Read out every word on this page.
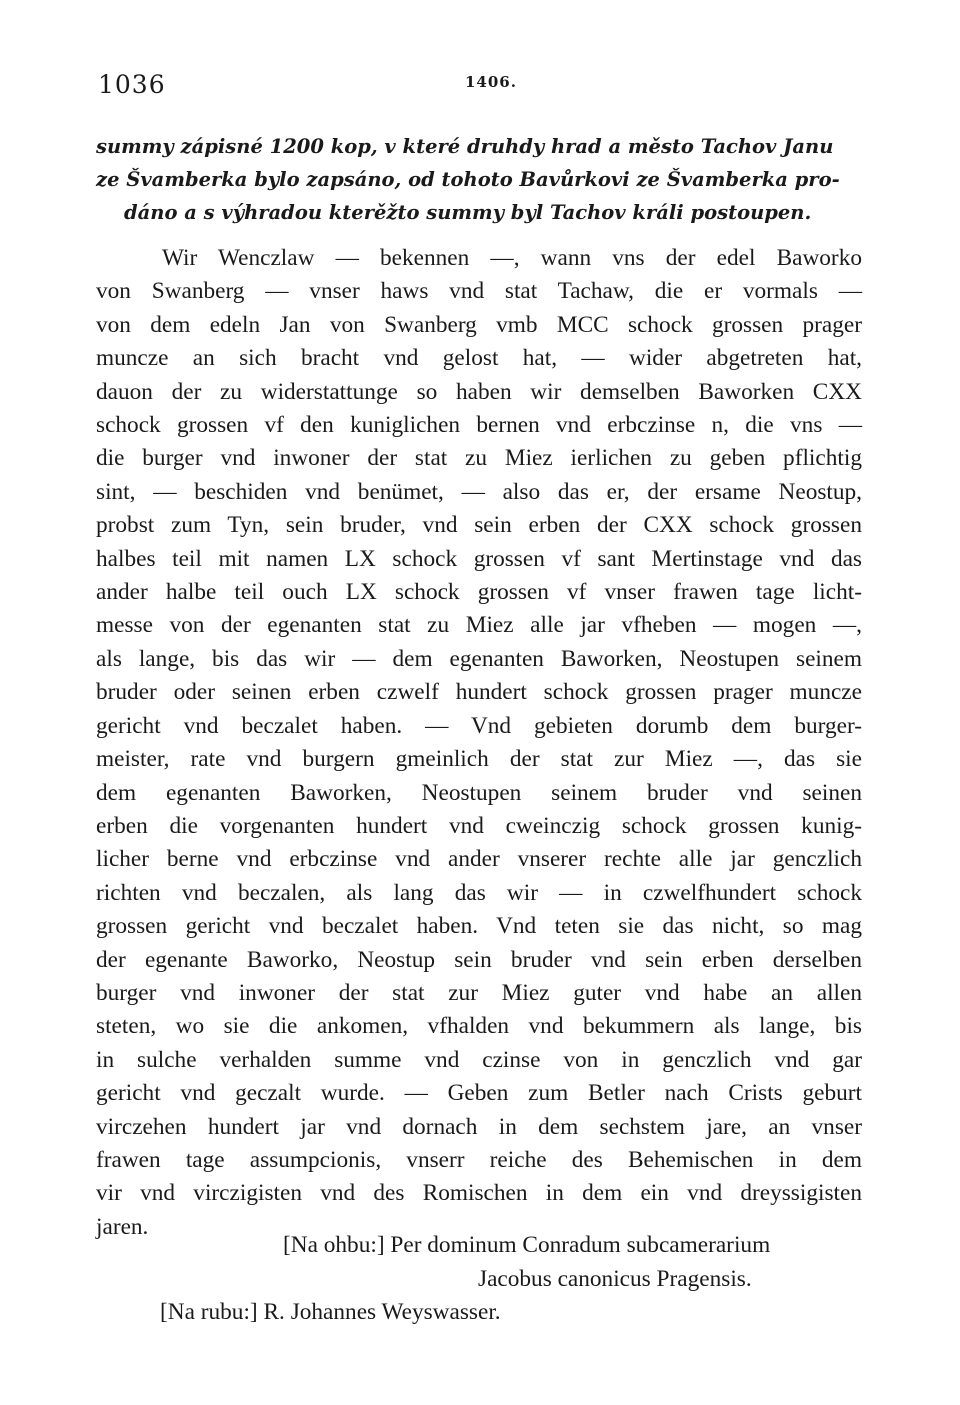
1036	1406.
summy zápisné 1200 kop, v které druhdy hrad a město Tachov Janu
ze Švamberka bylo zapsáno, od tohoto Bavůrkovi ze Švamberka pro-
dáno a s výhradou kterěžto summy byl Tachov králi postoupen.
Wir Wenczlaw — bekennen —, wann vns der edel Baworko
von Swanberg — vnser haws vnd stat Tachaw, die er vormals —
von dem edeln Jan von Swanberg vmb MCC schock grossen prager
muncze an sich bracht vnd gelost hat, — wider abgetreten hat,
dauon der zu widerstattunge so haben wir demselben Baworken CXX
schock grossen vf den kuniglichen bernen vnd erbczinse n, die vns —
die burger vnd inwoner der stat zu Miez ierlichen zu geben pflichtig
sint, — beschiden vnd benümet, — also das er, der ersame Neostup,
probst zum Tyn, sein bruder, vnd sein erben der CXX schock grossen
halbes teil mit namen LX schock grossen vf sant Mertinstage vnd das
ander halbe teil ouch LX schock grossen vf vnser frawen tage licht-
messe von der egenanten stat zu Miez alle jar vfheben — mogen —,
als lange, bis das wir — dem egenanten Baworken, Neostupen seinem
bruder oder seinen erben czwelf hundert schock grossen prager muncze
gericht vnd beczalet haben. — Vnd gebieten dorumb dem burger-
meister, rate vnd burgern gmeinlich der stat zur Miez —, das sie
dem egenanten Baworken, Neostupen seinem bruder vnd seinen
erben die vorgenanten hundert vnd cweinczig schock grossen kunig-
licher berne vnd erbczinse vnd ander vnserer rechte alle jar genczlich
richten vnd beczalen, als lang das wir — in czwelfhundert schock
grossen gericht vnd beczalet haben. Vnd teten sie das nicht, so mag
der egenante Baworko, Neostup sein bruder vnd sein erben derselben
burger vnd inwoner der stat zur Miez guter vnd habe an allen
steten, wo sie die ankomen, vfhalden vnd bekummern als lange, bis
in sulche verhalden summe vnd czinse von in genczlich vnd gar
gericht vnd geczalt wurde. — Geben zum Betler nach Crists geburt
virczehen hundert jar vnd dornach in dem sechstem jare, an vnser
frawen tage assumpcionis, vnserr reiche des Behemischen in dem
vir vnd virczigisten vnd des Romischen in dem ein vnd dreyssigisten
jaren.
[Na ohbu:] Per dominum Conradum subcamerarium
Jacobus canonicus Pragensis.
[Na rubu:] R. Johannes Weyswasser.
